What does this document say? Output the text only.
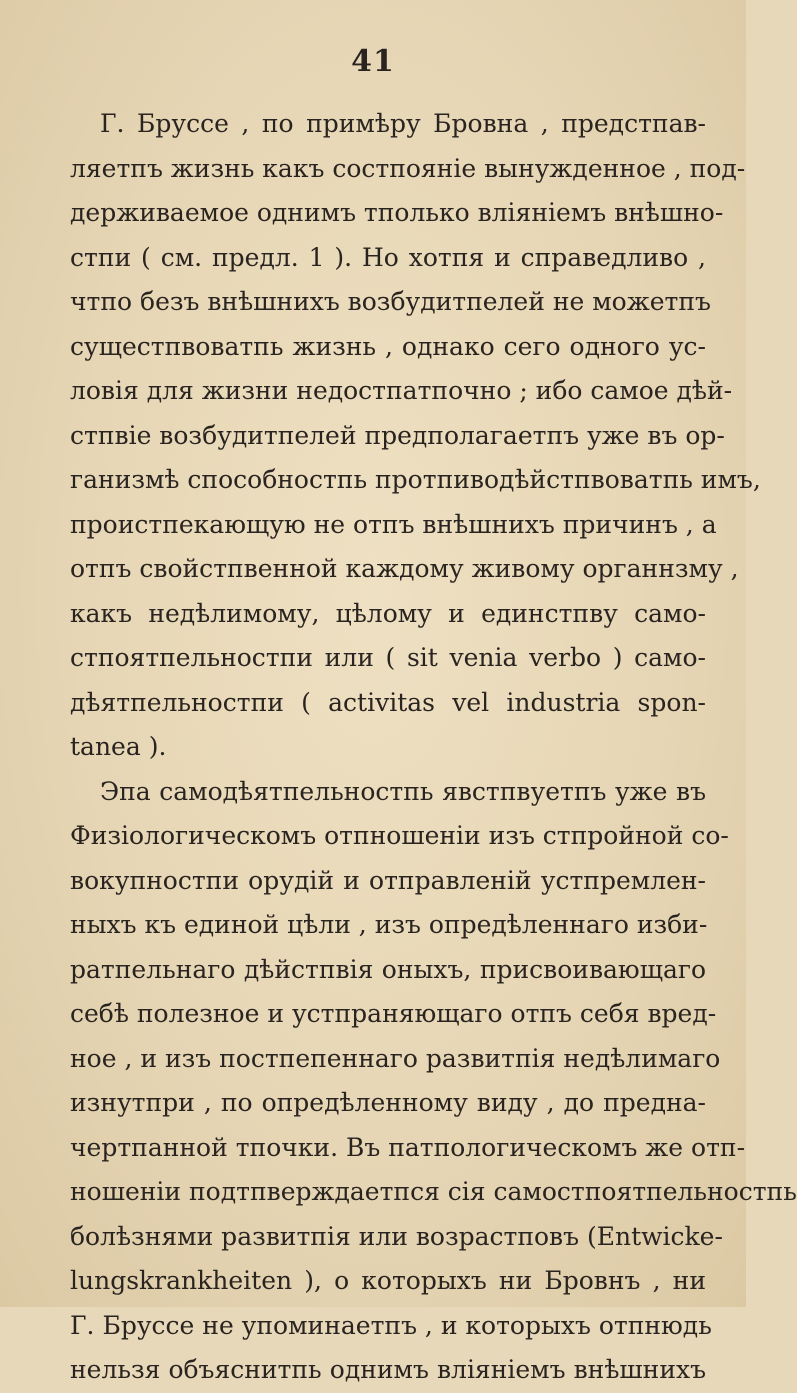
41
Г. Бруссе , по примѣру Бровна , предстпав-
ляетпъ жизнь какъ состпояніе вынужденное , под-
держиваемое однимъ тполько вліяніемъ внѣшно-
стпи ( см. предл. 1 ). Но хотпя и справедливо ,
чтпо безъ внѣшнихъ возбудитпелей не можетпъ
сущестпвоватпь жизнь , однако сего одного ус-
ловія для жизни недостпатпочно ; ибо самое дѣй-
стпвіе возбудитпелей предполагаетпъ уже въ ор-
ганизмѣ способностпь протпиводѣйстпвоватпь имъ,
проистпекающую не отпъ внѣшнихъ причинъ , а
отпъ свойстпвенной каждому живому органнзму ,
какъ недѣлимому, цѣлому и единстпву само-
стпоятпельностпи или ( sit venia verbo ) само-
дѣятпельностпи ( activitas vel industria spon-
tanea ).
Эпа самодѣятпельностпь явстпвуетпъ уже въ
Физіологическомъ отпношеніи изъ стпройной со-
вокупностпи орудій и отправленій устпремлен-
ныхъ къ единой цѣли , изъ опредѣленнаго изби-
ратпельнаго дѣйстпвія оныхъ, присвоивающаго
себѣ полезное и устпраняющаго отпъ себя вред-
ное , и изъ постпепеннаго развитпія недѣлимаго
изнутпри , по опредѣленному виду , до предна-
чертпанной тпочки. Въ патпологическомъ же отп-
ношеніи подтпверждаетпся сія самостпоятпельностпь
болѣзнями развитпія или возрастповъ (Entwicke-
lungskrankheiten ), о которыхъ ни Бровнъ , ни
Г. Бруссе не упоминаетпъ , и которыхъ отпнюдь
нельзя объяснитпь однимъ вліяніемъ внѣшнихъ
